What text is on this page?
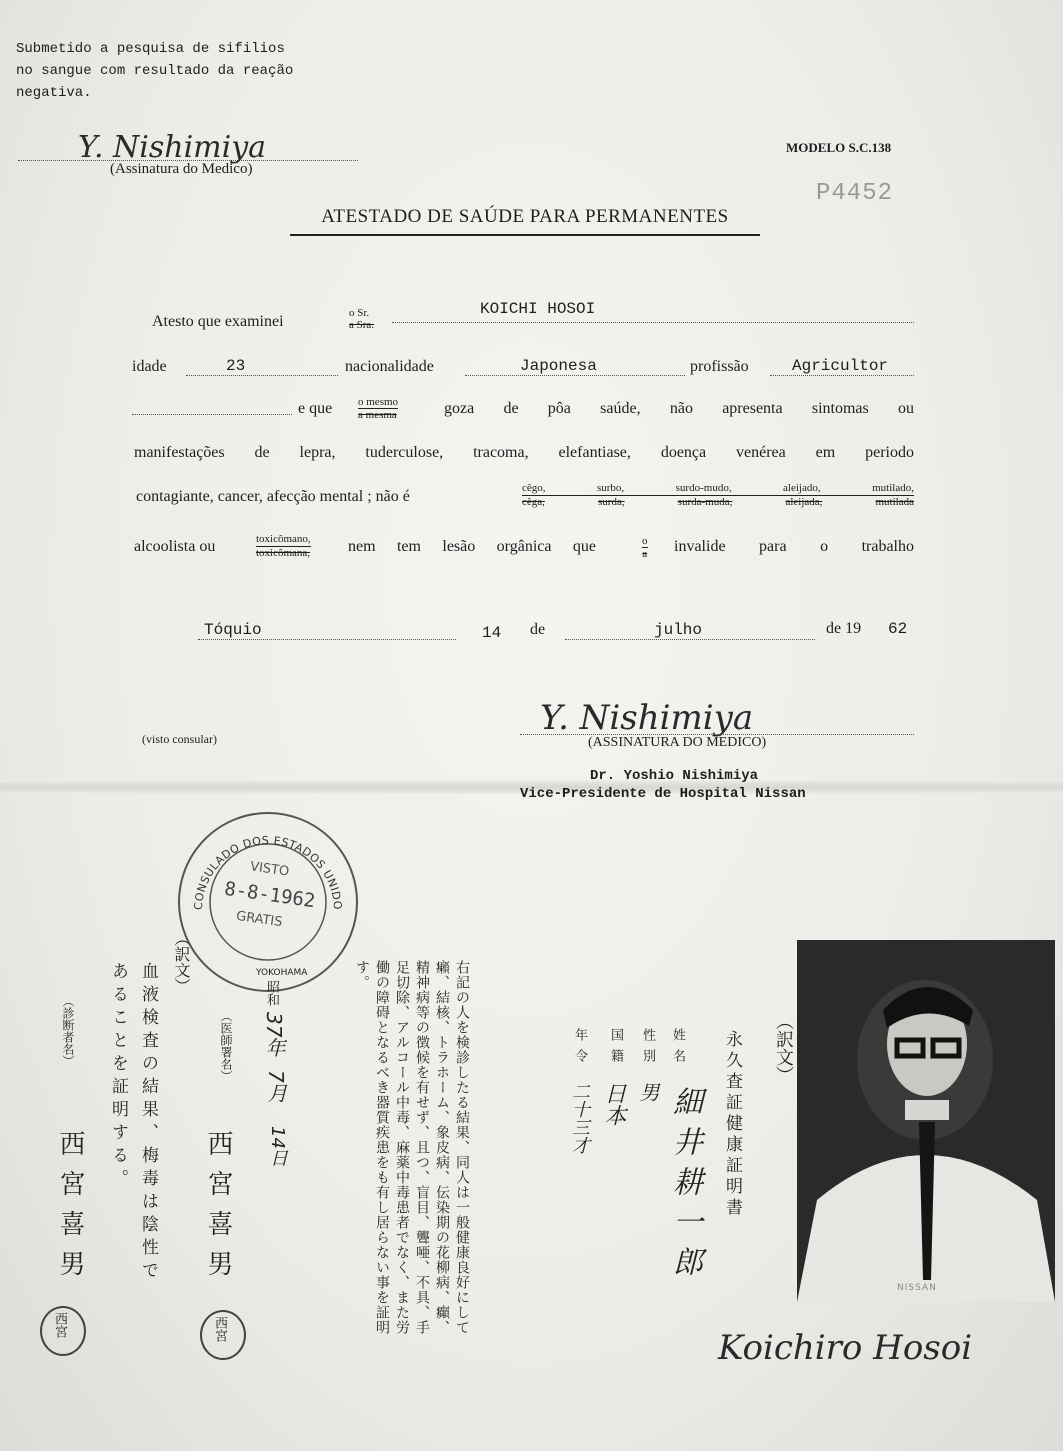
Submetido a pesquisa de sifilios
no sangue com resultado da reação
negativa.
Y. Nishimiya
(Assinatura do Medico)
MODELO S.C.138
P4452
ATESTADO DE SAÚDE PARA PERMANENTES
Atesto que examinei	o Sr.
a Sra.
KOICHI HOSOI
idade	23	nacionalidade	Japonesa	profissão	Agricultor
e que o mesmo
a mesma	goza de pôa saúde, não apresenta sintomas ou
manifestações de lepra, tuderculose, tracoma, elefantiase, doença venérea em periodo
contagiante, cancer, afecção mental ; não é	cêgo,	surbo,	surdo-mudo,	aleijado,	mutilado,
cêga,	surda,	surda-muda,	aleijada,	mutilada
alcoolista ou	toxicômano,
toxicômana, nem tem lesão orgânica que	o
a invalide para o trabalho
Tóquio	14 de	julho	de 19 62
(visto consular)
Y. Nishimiya
(ASSINATURA DO MEDICO)
Dr. Yoshio Nishimiya
Vice-Presidente de Hospital Nissan
CONSULADO DOS ESTADOS UNIDO
YOKOHAMA
VISTO
8-8-1962
GRATIS
（診断者名）
西宮喜男
西宮
血液検査の結果、梅毒は陰性で
あることを証明する。	（訳文）
（医師署名）
西宮喜男
西宮
昭和
37年
7月
14日	右記の人を検診したる結果、同人は一般健康良好にして
癩、結核、トラホーム、象皮病、伝染期の花柳病、癲、
精神病等の徴候を有せず、且つ、盲目、聾唖、不具、手
足切除、アルコール中毒、麻薬中毒患者でなく、また労
働の障碍となるべき器質疾患をも有し居らない事を証明
す。
（訳文）
永久査証健康証明書
姓名
細井耕一郎
性別
男
国籍
日本
年令
二十三才
NISSAN
Koichiro Hosoi
